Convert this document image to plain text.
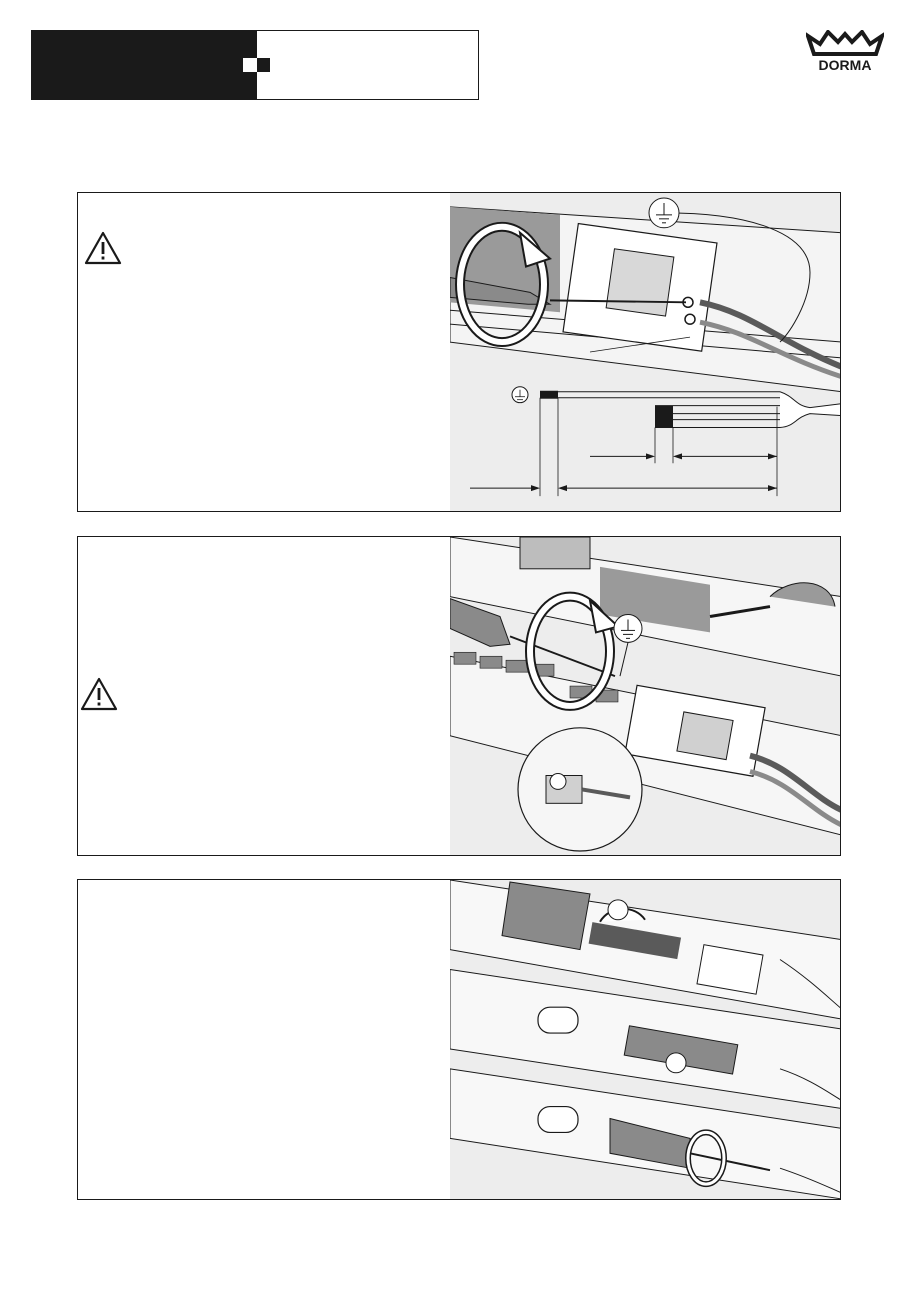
DORMA
